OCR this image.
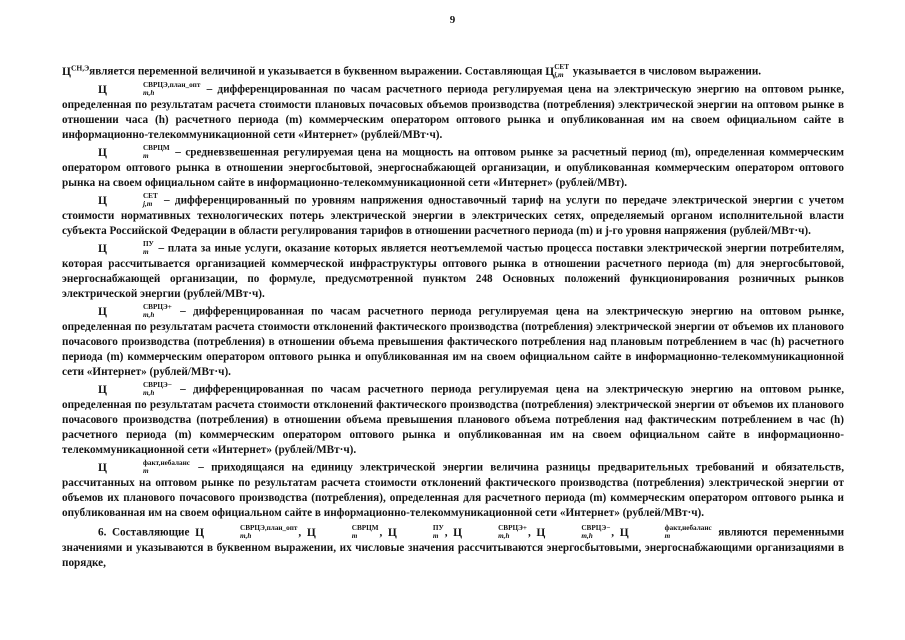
9

$Ц^{СН,Э}является$ переменной величиной и указывается в буквенном выражении. Составляющая Ц СЕТ
j,m указывается в числовом выражении.

Ц	СВРЦЭ,план_опт
m,h	– дифференцированная по часам расчетного периода регулируемая цена на электрическую энергию на оптовом рынке, определенная по результатам расчета стоимости плановых почасовых объемов производства (потребления) электрической энергии на оптовом рынке в отношении часа (h) расчетного периода (m) коммерческим оператором оптового рынка и опубликованная им на своем официальном сайте в информационно-телекоммуникационной сети «Интернет» (рублей/МВт·ч).

Ц	СВРЦМ
m	– средневзвешенная регулируемая цена на мощность на оптовом рынке за расчетный период (m), определенная коммерческим оператором оптового рынка в отношении энергосбытовой, энергоснабжающей организации, и опубликованная коммерческим оператором оптового рынка на своем официальном сайте в информационно-телекоммуникационной сети «Интернет» (рублей/МВт).

Ц	СЕТ
j,m – дифференцированный по уровням напряжения одноставочный тариф на услуги по передаче электрической энергии с учетом стоимости нормативных технологических потерь электрической энергии в электрических сетях, определяемый органом исполнительной власти субъекта Российской Федерации в области регулирования тарифов в отношении расчетного периода (m) и j-го уровня напряжения (рублей/МВт·ч).

Ц	ПУ
m – плата за иные услуги, оказание которых является неотъемлемой частью процесса поставки электрической энергии потребителям, которая рассчитывается организацией коммерческой инфраструктуры оптового рынка в отношении расчетного периода (m) для энергосбытовой, энергоснабжающей организации, по формуле, предусмотренной пунктом 248 Основных положений функционирования розничных рынков электрической энергии (рублей/МВт·ч).

Ц	СВРЦЭ+
m,h	– дифференцированная по часам расчетного периода регулируемая цена на электрическую энергию на оптовом рынке, определенная по результатам расчета стоимости отклонений фактического производства (потребления) электрической энергии от объемов их планового почасового производства (потребления) в отношении объема превышения фактического потребления над плановым потреблением в час (h) расчетного периода (m) коммерческим оператором оптового рынка и опубликованная им на своем официальном сайте в информационно-телекоммуникационной сети «Интернет» (рублей/МВт·ч).

Ц	СВРЦЭ−
m,h	– дифференцированная по часам расчетного периода регулируемая цена на электрическую энергию на оптовом рынке, определенная по результатам расчета стоимости отклонений фактического производства (потребления) электрической энергии от объемов их планового почасового производства (потребления) в отношении объема превышения планового объема потребления над фактическим потреблением в час (h) расчетного периода (m) коммерческим оператором оптового рынка и опубликованная им на своем официальном сайте в информационно-телекоммуникационной сети «Интернет» (рублей/МВт·ч).

Ц	факт,небаланс
m	– приходящаяся на единицу электрической энергии величина разницы предварительных требований и обязательств, рассчитанных на оптовом рынке по результатам расчета стоимости отклонений фактического производства (потребления) электрической энергии от объемов их планового почасового производства (потребления), определенная для расчетного периода (m) коммерческим оператором оптового рынка и опубликованная им на своем официальном сайте в информационно-телекоммуникационной сети «Интернет» (рублей/МВт·ч).

6. Составляющие Ц	СВРЦЭ,план_опт
m,h	, Ц	СВРЦМ
m	, Ц	ПУ
m , Ц	СВРЦЭ+
m,h	, Ц	СВРЦЭ−
m,h	, Ц	факт,небаланс
m	являются переменными значениями и указываются в буквенном выражении, их числовые значения рассчитываются энергосбытовыми, энергоснабжающими организациями в порядке,
